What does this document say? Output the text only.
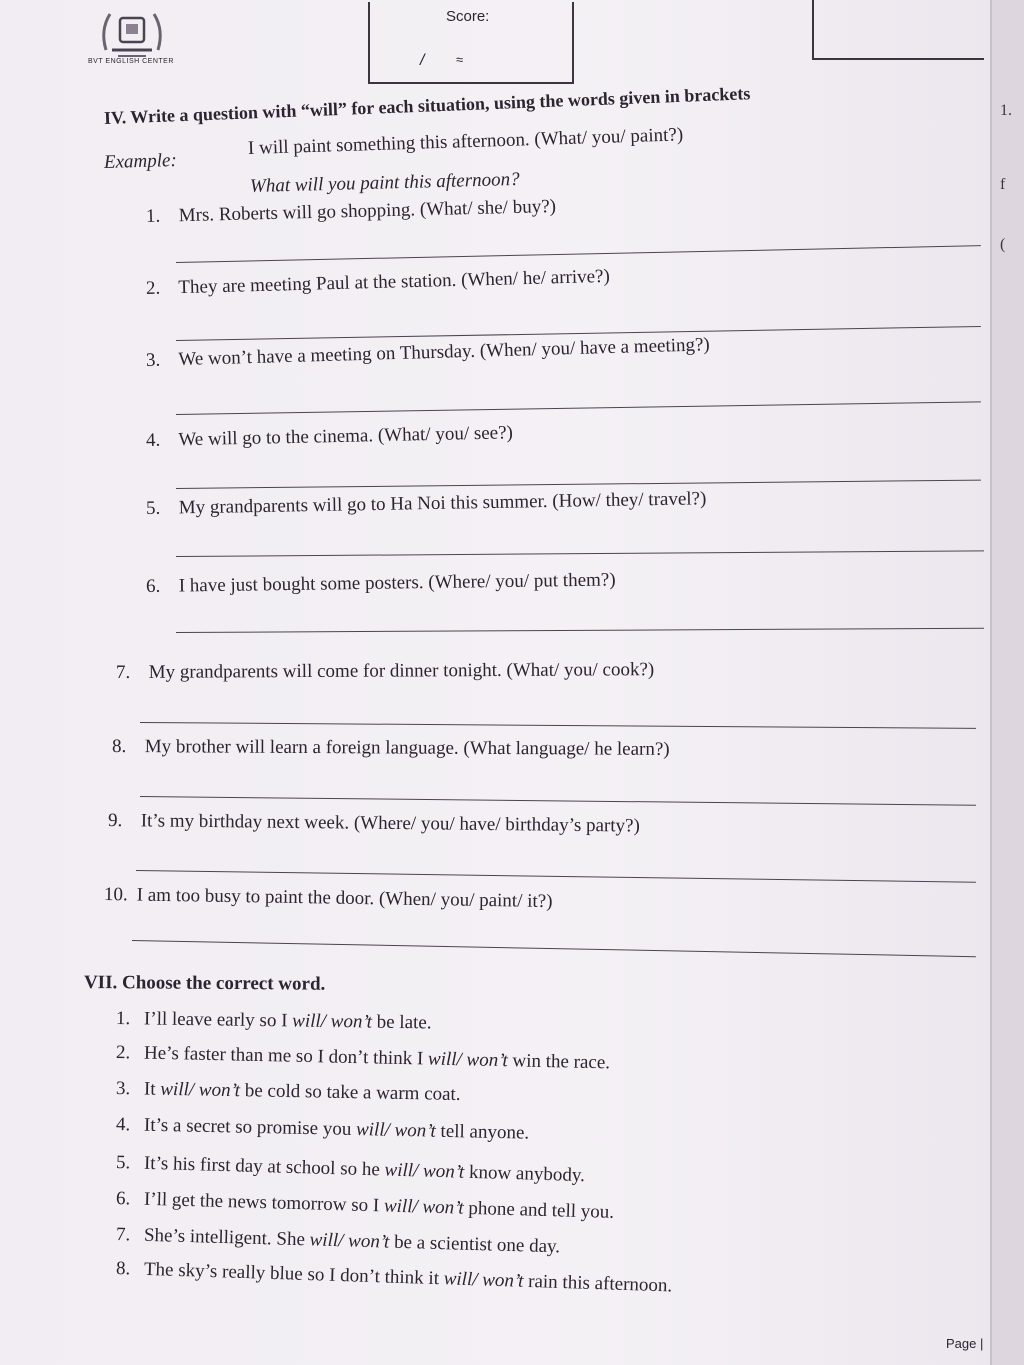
BVT ENGLISH CENTER
Score:
/ ≈
IV. Write a question with “will” for each situation, using the words given in brackets
Example:
I will paint something this afternoon. (What/ you/ paint?)
What will you paint this afternoon?
1. Mrs. Roberts will go shopping. (What/ she/ buy?)
2. They are meeting Paul at the station. (When/ he/ arrive?)
3. We won’t have a meeting on Thursday. (When/ you/ have a meeting?)
4. We will go to the cinema. (What/ you/ see?)
5. My grandparents will go to Ha Noi this summer. (How/ they/ travel?)
6. I have just bought some posters. (Where/ you/ put them?)
7. My grandparents will come for dinner tonight. (What/ you/ cook?)
8. My brother will learn a foreign language. (What language/ he learn?)
9. It’s my birthday next week. (Where/ you/ have/ birthday’s party?)
10. I am too busy to paint the door. (When/ you/ paint/ it?)
VII. Choose the correct word.
1. I’ll leave early so I will/ won’t be late.
2. He’s faster than me so I don’t think I will/ won’t win the race.
3. It will/ won’t be cold so take a warm coat.
4. It’s a secret so promise you will/ won’t tell anyone.
5. It’s his first day at school so he will/ won’t know anybody.
6. I’ll get the news tomorrow so I will/ won’t phone and tell you.
7. She’s intelligent. She will/ won’t be a scientist one day.
8. The sky’s really blue so I don’t think it will/ won’t rain this afternoon.
Page |
1.
f
(
